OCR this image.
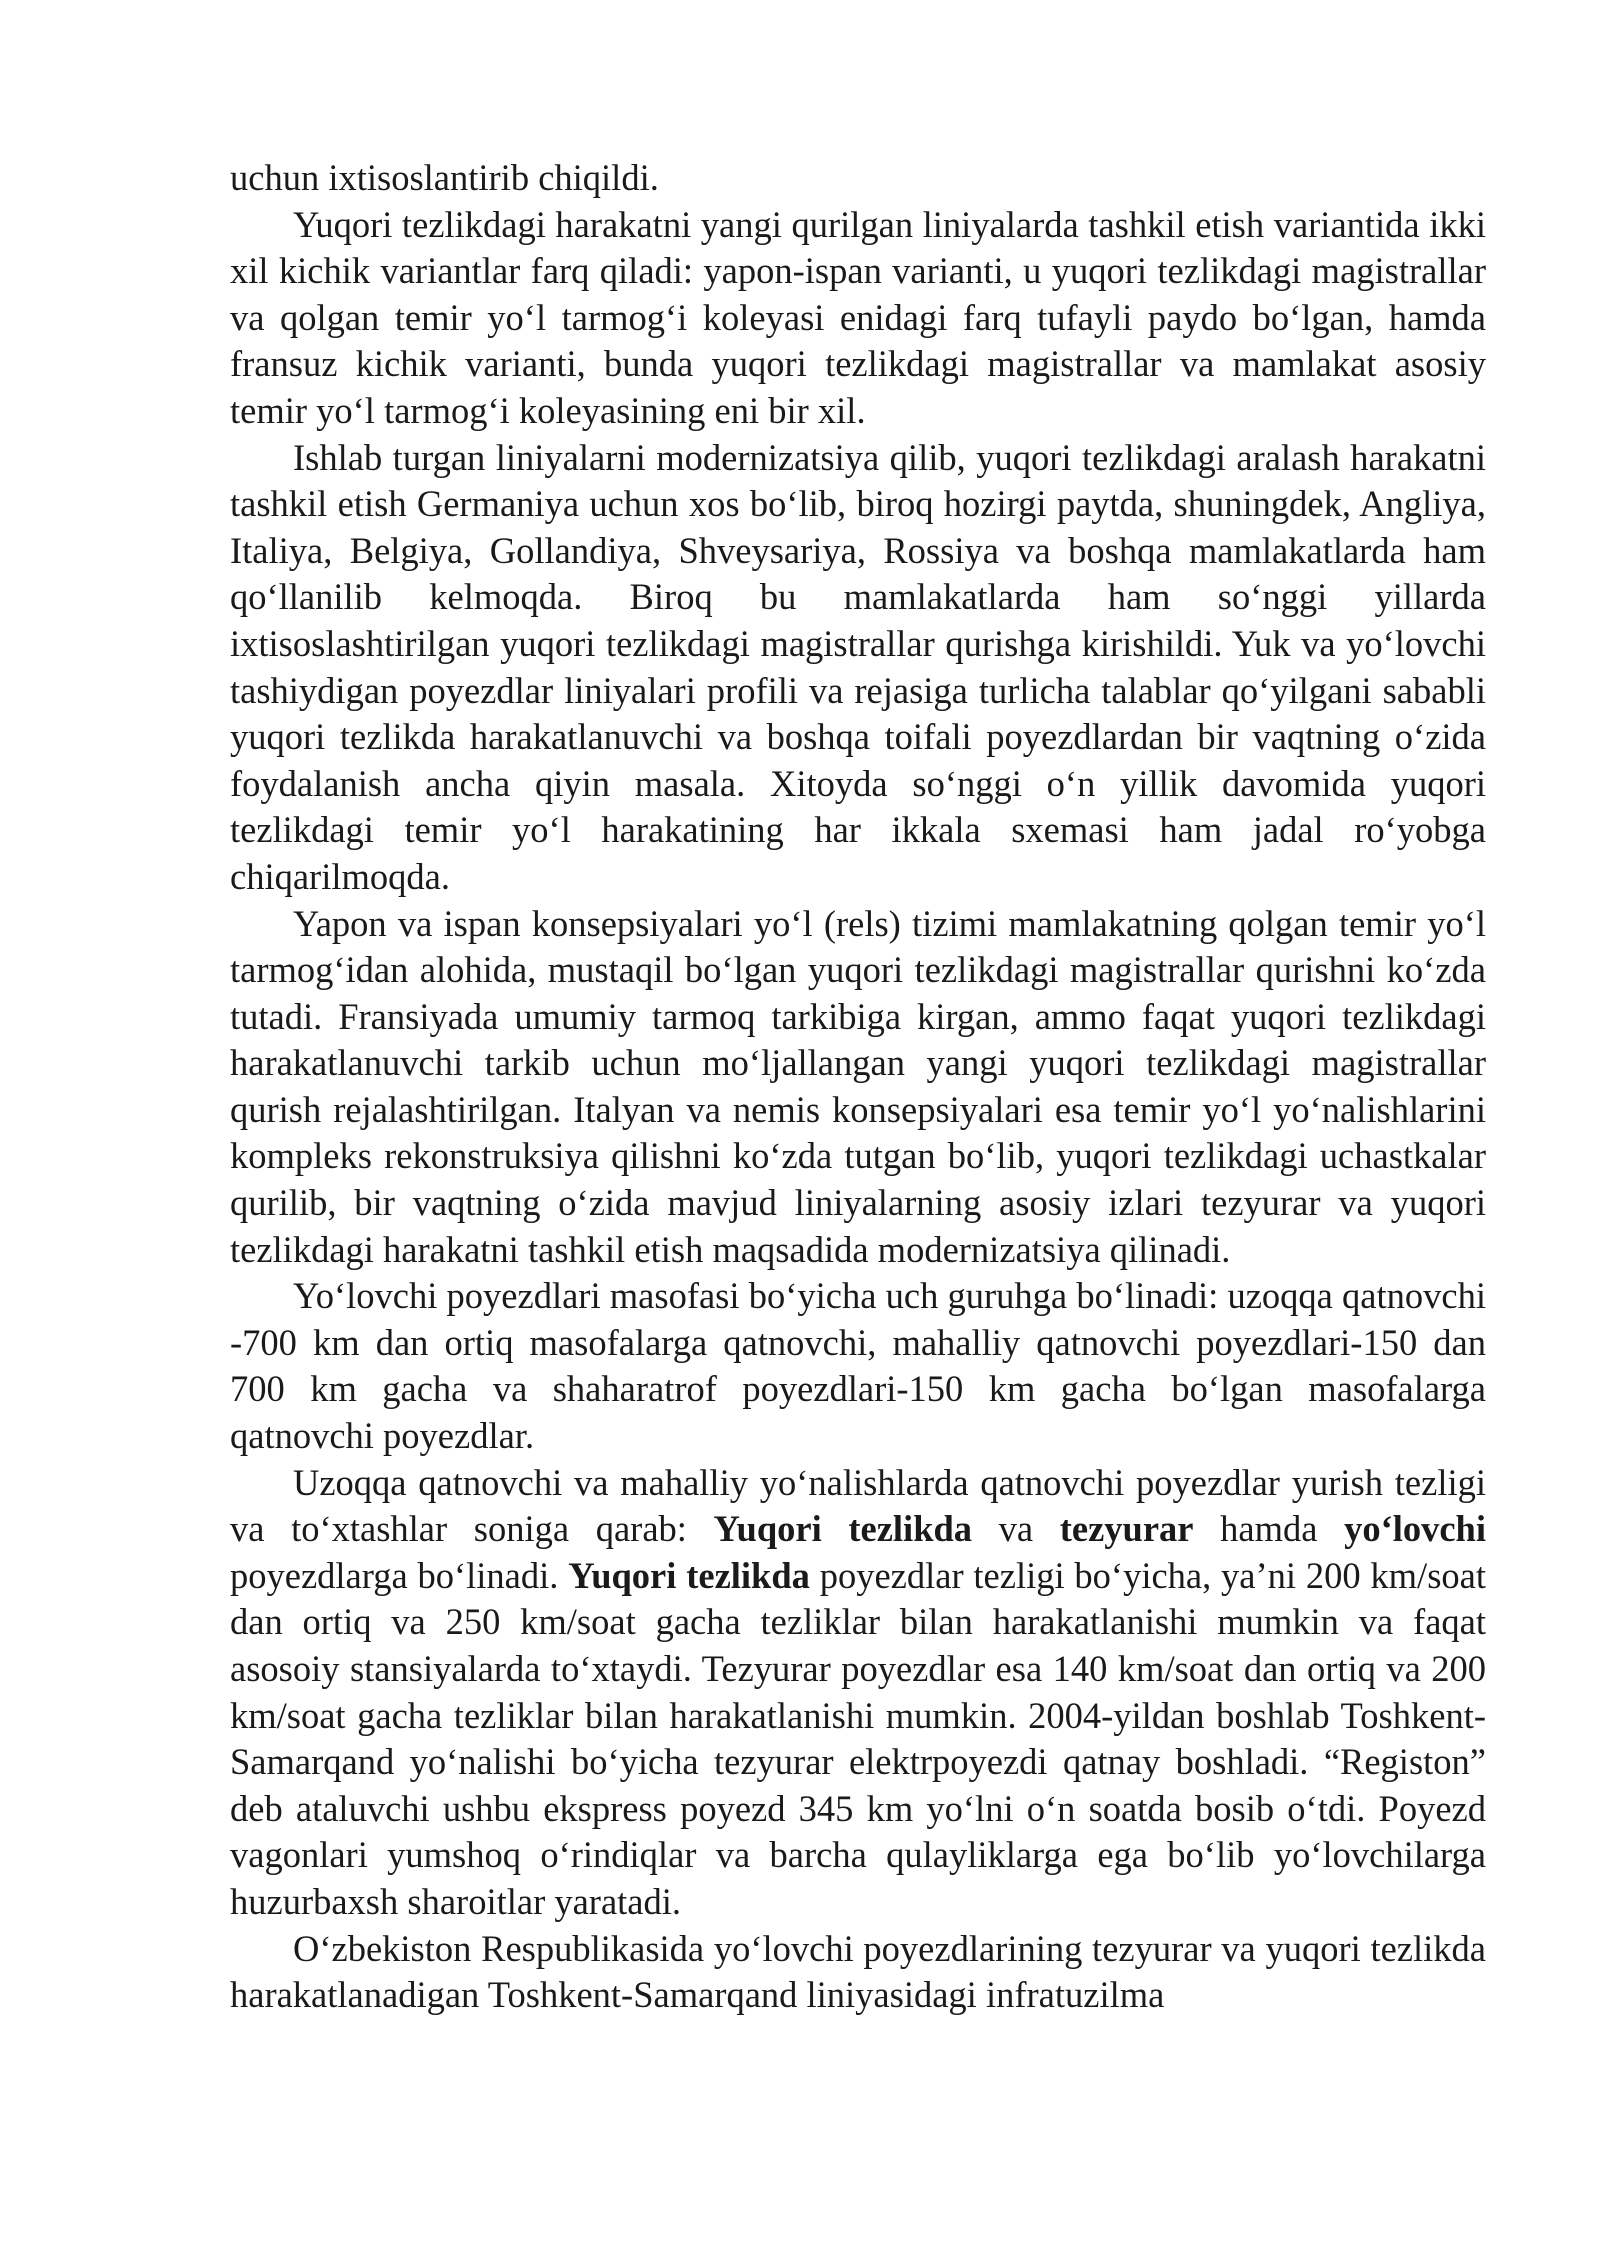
uchun ixtisoslantirib chiqildi.

Yuqori tezlikdagi harakatni yangi qurilgan liniyalarda tashkil etish variantida ikki xil kichik variantlar farq qiladi: yapon-ispan varianti, u yuqori tezlikdagi magistrallar va qolgan temir yo‘l tarmog‘i koleyasi enidagi farq tufayli paydo bo‘lgan, hamda fransuz kichik varianti, bunda yuqori tezlikdagi magistrallar va mamlakat asosiy temir yo‘l tarmog‘i koleyasining eni bir xil.

Ishlab turgan liniyalarni modernizatsiya qilib, yuqori tezlikdagi aralash harakatni tashkil etish Germaniya uchun xos bo‘lib, biroq hozirgi paytda, shuningdek, Angliya, Italiya, Belgiya, Gollandiya, Shveysariya, Rossiya va boshqa mamlakatlarda ham qo‘llanilib kelmoqda. Biroq bu mamlakatlarda ham so‘nggi yillarda ixtisoslashtirilgan yuqori tezlikdagi magistrallar qurishga kirishildi. Yuk va yo‘lovchi tashiydigan poyezdlar liniyalari profili va rejasiga turlicha talablar qo‘yilgani sababli yuqori tezlikda harakatlanuvchi va boshqa toifali poyezdlardan bir vaqtning o‘zida foydalanish ancha qiyin masala. Xitoyda so‘nggi o‘n yillik davomida yuqori tezlikdagi temir yo‘l harakatining har ikkala sxemasi ham jadal ro‘yobga chiqarilmoqda.

Yapon va ispan konsepsiyalari yo‘l (rels) tizimi mamlakatning qolgan temir yo‘l tarmog‘idan alohida, mustaqil bo‘lgan yuqori tezlikdagi magistrallar qurishni ko‘zda tutadi. Fransiyada umumiy tarmoq tarkibiga kirgan, ammo faqat yuqori tezlikdagi harakatlanuvchi tarkib uchun mo‘ljallangan yangi yuqori tezlikdagi magistrallar qurish rejalashtirilgan. Italyan va nemis konsepsiyalari esa temir yo‘l yo‘nalishlarini kompleks rekonstruksiya qilishni ko‘zda tutgan bo‘lib, yuqori tezlikdagi uchastkalar qurilib, bir vaqtning o‘zida mavjud liniyalarning asosiy izlari tezyurar va yuqori tezlikdagi harakatni tashkil etish maqsadida modernizatsiya qilinadi.

Yo‘lovchi poyezdlari masofasi bo‘yicha uch guruhga bo‘linadi: uzoqqa qatnovchi -700 km dan ortiq masofalarga qatnovchi, mahalliy qatnovchi poyezdlari-150 dan 700 km gacha va shaharatrof poyezdlari-150 km gacha bo‘lgan masofalarga qatnovchi poyezdlar.

Uzoqqa qatnovchi va mahalliy yo‘nalishlarda qatnovchi poyezdlar yurish tezligi va to‘xtashlar soniga qarab: Yuqori tezlikda va tezyurar hamda yo‘lovchi poyezdlarga bo‘linadi. Yuqori tezlikda poyezdlar tezligi bo‘yicha, ya’ni 200 km/soat dan ortiq va 250 km/soat gacha tezliklar bilan harakatlanishi mumkin va faqat asosoiy stansiyalarda to‘xtaydi. Tezyurar poyezdlar esa 140 km/soat dan ortiq va 200 km/soat gacha tezliklar bilan harakatlanishi mumkin. 2004-yildan boshlab Toshkent-Samarqand yo‘nalishi bo‘yicha tezyurar elektrpoyezdi qatnay boshladi. “Registon” deb ataluvchi ushbu ekspress poyezd 345 km yo‘lni o‘n soatda bosib o‘tdi. Poyezd vagonlari yumshoq o‘rindiqlar va barcha qulayliklarga ega bo‘lib yo‘lovchilarga huzurbaxsh sharoitlar yaratadi.

O‘zbekiston Respublikasida yo‘lovchi poyezdlarining tezyurar va yuqori tezlikda harakatlanadigan Toshkent-Samarqand liniyasidagi infratuzilma
